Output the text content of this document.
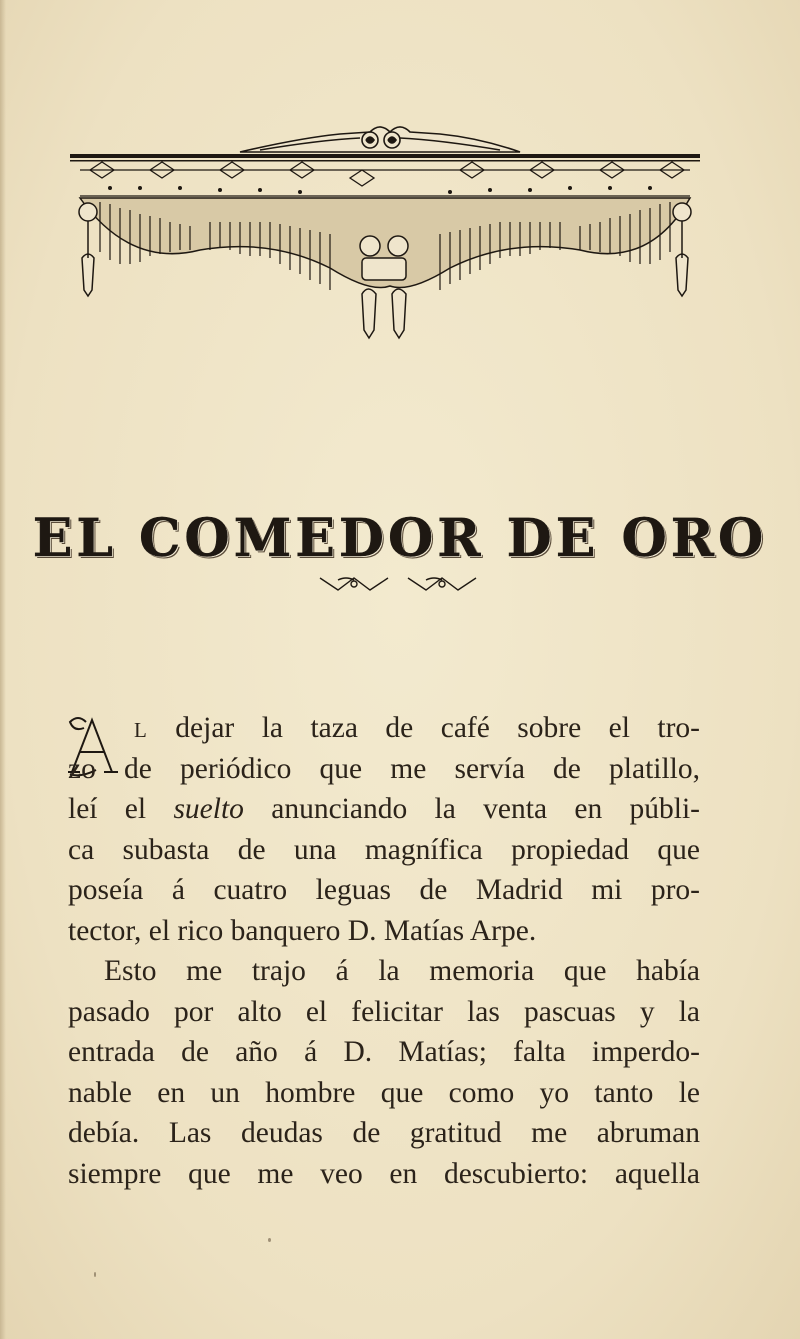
EL COMEDOR DE ORO
L dejar la taza de café sobre el tro-
zo de periódico que me servía de platillo,
leí el suelto anunciando la venta en públi-
ca subasta de una magnífica propiedad que
poseía á cuatro leguas de Madrid mi pro-
tector, el rico banquero D. Matías Arpe.
Esto me trajo á la memoria que había
pasado por alto el felicitar las pascuas y la
entrada de año á D. Matías; falta imperdo-
nable en un hombre que como yo tanto le
debía. Las deudas de gratitud me abruman
siempre que me veo en descubierto: aquella
